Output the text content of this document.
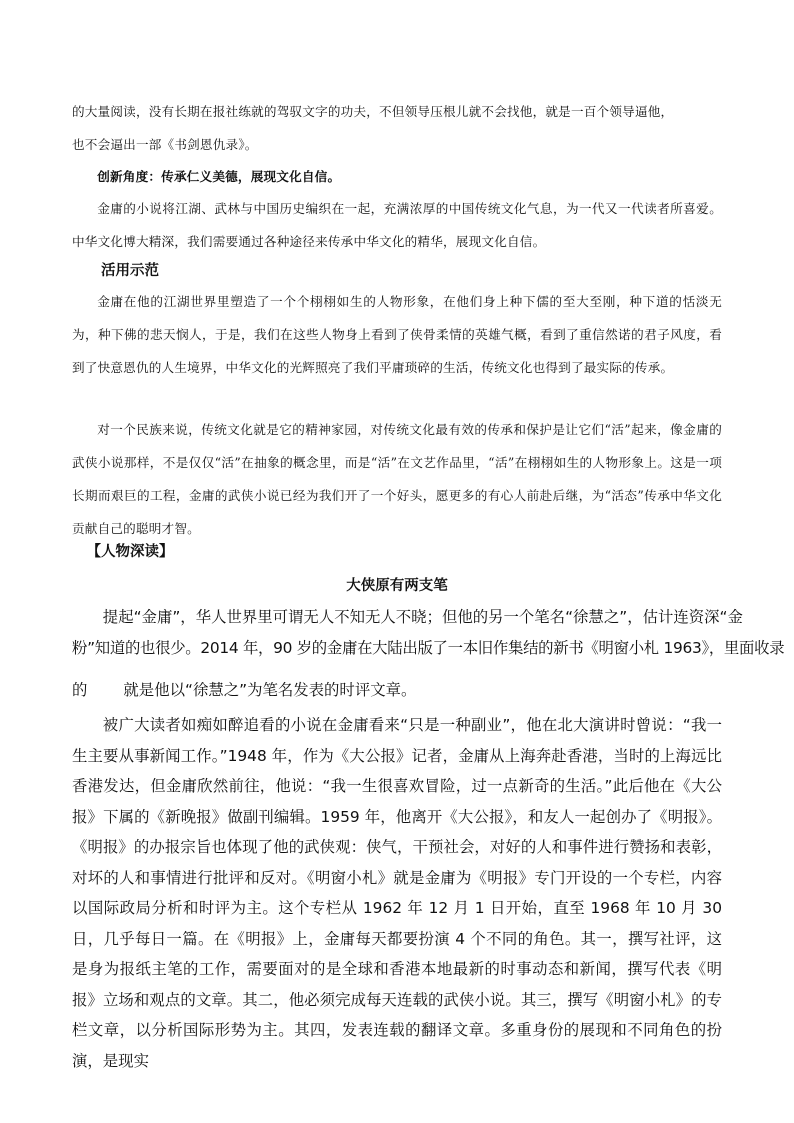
的大量阅读，没有长期在报社练就的驾驭文字的功夫，不但领导压根儿就不会找他，就是一百个领导逼他，
也不会逼出一部《书剑恩仇录》。

创新角度：传承仁义美德，展现文化自信。

金庸的小说将江湖、武林与中国历史编织在一起，充满浓厚的中国传统文化气息，为一代又一代读者所喜爱。中华文化博大精深，我们需要通过各种途径来传承中华文化的精华，展现文化自信。

活用示范

金庸在他的江湖世界里塑造了一个个栩栩如生的人物形象，在他们身上种下儒的至大至刚，种下道的恬淡无为，种下佛的悲天悯人，于是，我们在这些人物身上看到了侠骨柔情的英雄气概，看到了重信然诺的君子风度，看到了快意恩仇的人生境界，中华文化的光辉照亮了我们平庸琐碎的生活，传统文化也得到了最实际的传承。

对一个民族来说，传统文化就是它的精神家园，对传统文化最有效的传承和保护是让它们“活”起来，像金庸的武侠小说那样，不是仅仅“活”在抽象的概念里，而是“活”在文艺作品里，“活”在栩栩如生的人物形象上。这是一项长期而艰巨的工程，金庸的武侠小说已经为我们开了一个好头，愿更多的有心人前赴后继，为“活态”传承中华文化贡献自己的聪明才智。

【人物深读】

大侠原有两支笔

提起“金庸”，华人世界里可谓无人不知无人不晓；但他的另一个笔名“徐慧之”，估计连资深“金
粉”知道的也很少。2014 年，90 岁的金庸在大陆出版了一本旧作集结的新书《明窗小札 1963》，里面收录
的 就是他以“徐慧之”为笔名发表的时评文章。

被广大读者如痴如醉追看的小说在金庸看来“只是一种副业”，他在北大演讲时曾说：“我一生主要从事新闻工作。”1948 年，作为《大公报》记者，金庸从上海奔赴香港，当时的上海远比香港发达，但金庸欣然前往，他说：“我一生很喜欢冒险，过一点新奇的生活。”此后他在《大公报》下属的《新晚报》做副刊编辑。1959 年，他离开《大公报》，和友人一起创办了《明报》。《明报》的办报宗旨也体现了他的武侠观：侠气，干预社会，对好的人和事件进行赞扬和表彰，对坏的人和事情进行批评和反对。《明窗小札》就是金庸为《明报》专门开设的一个专栏，内容以国际政局分析和时评为主。这个专栏从 1962 年 12 月 1 日开始，直至 1968 年 10 月 30 日，几乎每日一篇。在《明报》上，金庸每天都要扮演 4 个不同的角色。其一，撰写社评，这是身为报纸主笔的工作，需要面对的是全球和香港本地最新的时事动态和新闻，撰写代表《明报》立场和观点的文章。其二，他必须完成每天连载的武侠小说。其三，撰写《明窗小札》的专栏文章，以分析国际形势为主。其四，发表连载的翻译文章。多重身份的展现和不同角色的扮演，是现实
